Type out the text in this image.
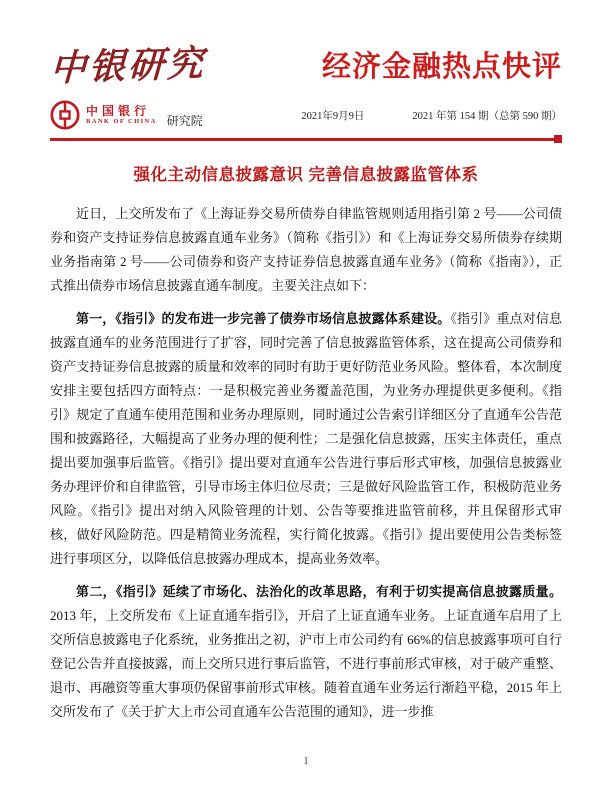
中银研究	经济金融热点快评
中国银行
BANK OF CHINA 研究院	2021年9月9日	2021 年第 154 期（总第 590 期）
强化主动信息披露意识 完善信息披露监管体系

近日，上交所发布了《上海证券交易所债券自律监管规则适用指引第 2 号——公司债券和资产支持证券信息披露直通车业务》（简称《指引》）和《上海证券交易所债券存续期业务指南第 2 号——公司债券和资产支持证券信息披露直通车业务》（简称《指南》），正式推出债券市场信息披露直通车制度。主要关注点如下：

第一，《指引》的发布进一步完善了债券市场信息披露体系建设。《指引》重点对信息披露直通车的业务范围进行了扩容，同时完善了信息披露监管体系，这在提高公司债券和资产支持证券信息披露的质量和效率的同时有助于更好防范业务风险。整体看，本次制度安排主要包括四方面特点：一是积极完善业务覆盖范围，为业务办理提供更多便利。《指引》规定了直通车使用范围和业务办理原则，同时通过公告索引详细区分了直通车公告范围和披露路径，大幅提高了业务办理的便利性；二是强化信息披露，压实主体责任，重点提出要加强事后监管。《指引》提出要对直通车公告进行事后形式审核，加强信息披露业务办理评价和自律监管，引导市场主体归位尽责；三是做好风险监管工作，积极防范业务风险。《指引》提出对纳入风险管理的计划、公告等要推进监管前移，并且保留形式审核，做好风险防范。四是精简业务流程，实行简化披露。《指引》提出要使用公告类标签进行事项区分，以降低信息披露办理成本，提高业务效率。

第二，《指引》延续了市场化、法治化的改革思路，有利于切实提高信息披露质量。2013 年，上交所发布《上证直通车指引》，开启了上证直通车业务。上证直通车启用了上交所信息披露电子化系统，业务推出之初，沪市上市公司约有 66%的信息披露事项可自行登记公告并直接披露，而上交所只进行事后监管，不进行事前形式审核，对于破产重整、退市、再融资等重大事项仍保留事前形式审核。随着直通车业务运行渐趋平稳，2015 年上交所发布了《关于扩大上市公司直通车公告范围的通知》，进一步推

1
